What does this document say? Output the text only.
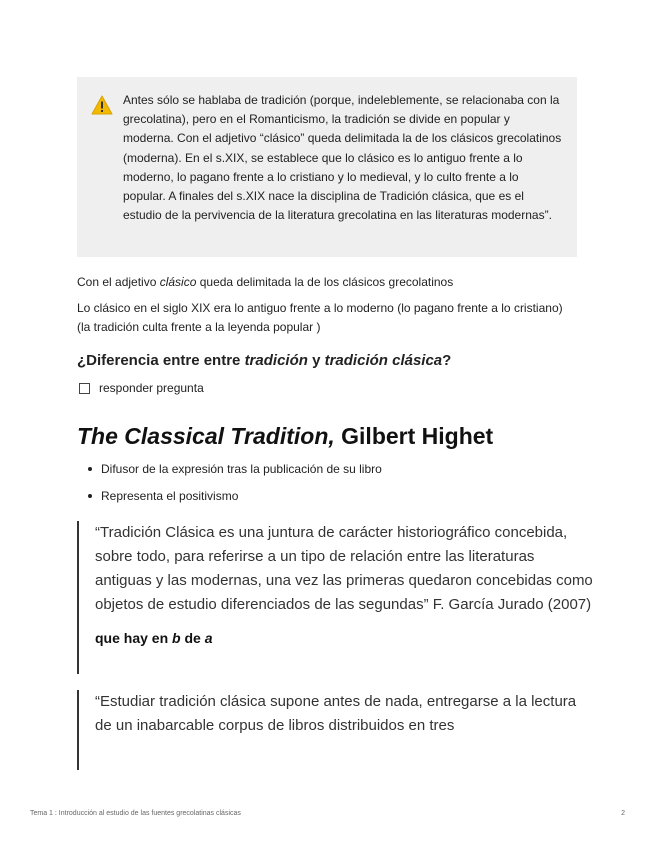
Antes sólo se hablaba de tradición (porque, indeleblemente, se relacionaba con la grecolatina), pero en el Romanticismo, la tradición se divide en popular y moderna. Con el adjetivo “clásico” queda delimitada la de los clásicos grecolatinos (moderna). En el s.XIX, se establece que lo clásico es lo antiguo frente a lo moderno, lo pagano frente a lo cristiano y lo medieval, y lo culto frente a lo popular. A finales del s.XIX nace la disciplina de Tradición clásica, que es el estudio de la pervivencia de la literatura grecolatina en las literaturas modernas”.

Con el adjetivo clásico queda delimitada la de los clásicos grecolatinos

Lo clásico en el siglo XIX era lo antiguo frente a lo moderno (lo pagano frente a lo cristiano) (la tradición culta frente a la leyenda popular )

¿Diferencia entre entre tradición y tradición clásica?
responder pregunta
The Classical Tradition, Gilbert Highet
Difusor de la expresión tras la publicación de su libro
Representa el positivismo

“Tradición Clásica es una juntura de carácter historiográfico concebida, sobre todo, para referirse a un tipo de relación entre las literaturas antiguas y las modernas, una vez las primeras quedaron concebidas como objetos de estudio diferenciados de las segundas” F. García Jurado (2007)

que hay en b de a

“Estudiar tradición clásica supone antes de nada, entregarse a la lectura de un inabarcable corpus de libros distribuidos en tres

Tema 1 : Introducción al estudio de las fuentes grecolatinas clásicas	2
